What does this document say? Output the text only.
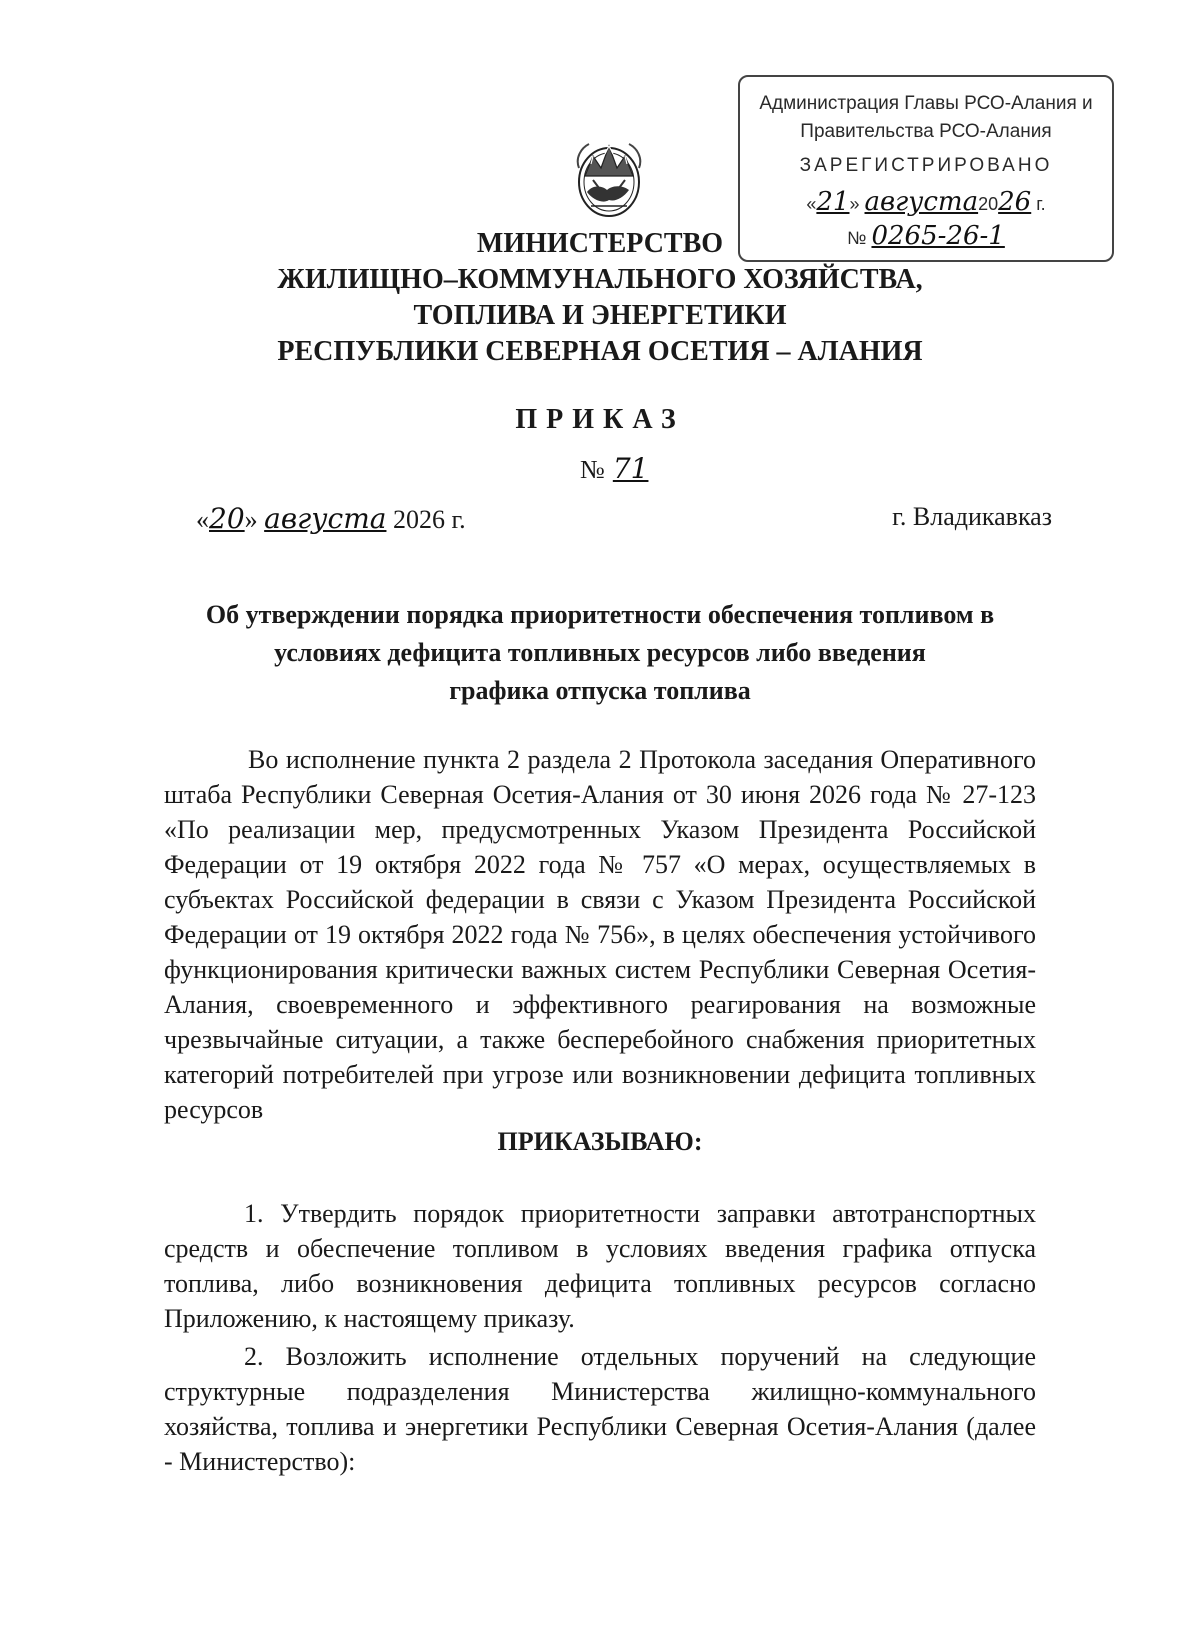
Администрация Главы РСО-Алания и
Правительства РСО-Алания
ЗАРЕГИСТРИРОВАНО
«21» августа2026 г.
№ 0265-26-1
МИНИСТЕРСТВО
ЖИЛИЩНО–КОММУНАЛЬНОГО ХОЗЯЙСТВА,
ТОПЛИВА И ЭНЕРГЕТИКИ
РЕСПУБЛИКИ СЕВЕРНАЯ ОСЕТИЯ – АЛАНИЯ
ПРИКАЗ
№ 71
«20» августа 2026 г.	г. Владикавказ
Об утверждении порядка приоритетности обеспечения топливом в
условиях дефицита топливных ресурсов либо введения
графика отпуска топлива
Во исполнение пункта 2 раздела 2 Протокола заседания Оперативного штаба Республики Северная Осетия-Алания от 30 июня 2026 года № 27-123 «По реализации мер, предусмотренных Указом Президента Российской Федерации от 19 октября 2022 года № 757 «О мерах, осуществляемых в субъектах Российской федерации в связи с Указом Президента Российской Федерации от 19 октября 2022 года № 756», в целях обеспечения устойчивого функционирования критически важных систем Республики Северная Осетия-Алания, своевременного и эффективного реагирования на возможные чрезвычайные ситуации, а также бесперебойного снабжения приоритетных категорий потребителей при угрозе или возникновении дефицита топливных ресурсов
ПРИКАЗЫВАЮ:
1. Утвердить порядок приоритетности заправки автотранспортных средств и обеспечение топливом в условиях введения графика отпуска топлива, либо возникновения дефицита топливных ресурсов согласно Приложению, к настоящему приказу.
2. Возложить исполнение отдельных поручений на следующие структурные подразделения Министерства жилищно-коммунального хозяйства, топлива и энергетики Республики Северная Осетия-Алания (далее - Министерство):
